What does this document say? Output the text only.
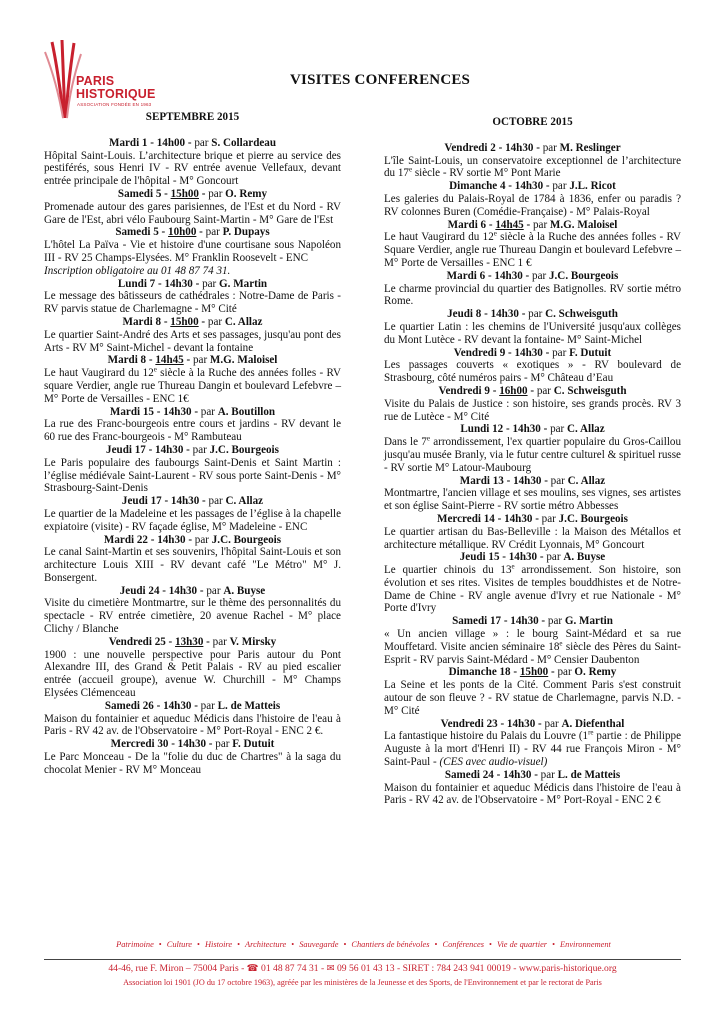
PARIS
HISTORIQUE
ASSOCIATION FONDÉE EN 1963
VISITES CONFERENCES
SEPTEMBRE 2015
Mardi 1 - 14h00 - par S. Collardeau
Hôpital Saint-Louis. L’architecture brique et pierre au service des pestiférés, sous Henri IV - RV entrée avenue Vellefaux, devant entrée principale de l'hôpital - M° Goncourt
Samedi 5 - 15h00 - par O. Remy
Promenade autour des gares parisiennes, de l'Est et du Nord - RV Gare de l'Est, abri vélo Faubourg Saint-Martin - M° Gare de l'Est
Samedi 5 - 10h00 - par P. Dupays
L'hôtel La Païva - Vie et histoire d'une courtisane sous Napoléon III - RV 25 Champs-Elysées. M° Franklin Roosevelt - ENC
Inscription obligatoire au 01 48 87 74 31.
Lundi 7 - 14h30 - par G. Martin
Le message des bâtisseurs de cathédrales : Notre-Dame de Paris - RV parvis statue de Charlemagne - M° Cité
Mardi 8 - 15h00 - par C. Allaz
Le quartier Saint-André des Arts et ses passages, jusqu'au pont des Arts - RV M° Saint-Michel - devant la fontaine
Mardi 8 - 14h45 - par M.G. Maloisel
Le haut Vaugirard du 12e siècle à la Ruche des années folles - RV square Verdier, angle rue Thureau Dangin et boulevard Lefebvre – M° Porte de Versailles - ENC 1€
Mardi 15 - 14h30 - par A. Boutillon
La rue des Franc-bourgeois entre cours et jardins - RV devant le 60 rue des Franc-bourgeois - M° Rambuteau
Jeudi 17 - 14h30 - par J.C. Bourgeois
Le Paris populaire des faubourgs Saint-Denis et Saint Martin : l’église médiévale Saint-Laurent - RV sous porte Saint-Denis - M° Strasbourg-Saint-Denis
Jeudi 17 - 14h30 - par C. Allaz
Le quartier de la Madeleine et les passages de l’église à la chapelle expiatoire (visite) - RV façade église, M° Madeleine - ENC
Mardi 22 - 14h30 - par J.C. Bourgeois
Le canal Saint-Martin et ses souvenirs, l'hôpital Saint-Louis et son architecture Louis XIII - RV devant café "Le Métro" M° J. Bonsergent.
Jeudi 24 - 14h30 - par A. Buyse
Visite du cimetière Montmartre, sur le thème des personnalités du spectacle - RV entrée cimetière, 20 avenue Rachel - M° place Clichy / Blanche
Vendredi 25 - 13h30 - par V. Mirsky
1900 : une nouvelle perspective pour Paris autour du Pont Alexandre III, des Grand & Petit Palais - RV au pied escalier entrée (accueil groupe), avenue W. Churchill - M° Champs Elysées Clémenceau
Samedi 26 - 14h30 - par L. de Matteis
Maison du fontainier et aqueduc Médicis dans l'histoire de l'eau à Paris - RV 42 av. de l'Observatoire - M° Port-Royal - ENC 2 €.
Mercredi 30 - 14h30 - par F. Dutuit
Le Parc Monceau - De la "folie du duc de Chartres" à la saga du chocolat Menier - RV M° Monceau
OCTOBRE 2015
Vendredi 2 - 14h30 - par M. Reslinger
L'île Saint-Louis, un conservatoire exceptionnel de l’architecture du 17e siècle - RV sortie M° Pont Marie
Dimanche 4 - 14h30 - par J.L. Ricot
Les galeries du Palais-Royal de 1784 à 1836, enfer ou paradis ? RV colonnes Buren (Comédie-Française) - M° Palais-Royal
Mardi 6 - 14h45 - par M.G. Maloisel
Le haut Vaugirard du 12e siècle à la Ruche des années folles - RV Square Verdier, angle rue Thureau Dangin et boulevard Lefebvre – M° Porte de Versailles - ENC 1 €
Mardi 6 - 14h30 - par J.C. Bourgeois
Le charme provincial du quartier des Batignolles. RV sortie métro Rome.
Jeudi 8 - 14h30 - par C. Schweisguth
Le quartier Latin : les chemins de l'Université jusqu'aux collèges du Mont Lutèce - RV devant la fontaine- M° Saint-Michel
Vendredi 9 - 14h30 - par F. Dutuit
Les passages couverts « exotiques » - RV boulevard de Strasbourg, côté numéros pairs - M° Château d’Eau
Vendredi 9 - 16h00 - par C. Schweisguth
Visite du Palais de Justice : son histoire, ses grands procès. RV 3 rue de Lutèce - M° Cité
Lundi 12 - 14h30 - par C. Allaz
Dans le 7e arrondissement, l'ex quartier populaire du Gros-Caillou jusqu'au musée Branly, via le futur centre culturel & spirituel russe - RV sortie M° Latour-Maubourg
Mardi 13 - 14h30 - par C. Allaz
Montmartre, l'ancien village et ses moulins, ses vignes, ses artistes et son église Saint-Pierre - RV sortie métro Abbesses
Mercredi 14 - 14h30 - par J.C. Bourgeois
Le quartier artisan du Bas-Belleville : la Maison des Métallos et architecture métallique. RV Crédit Lyonnais, M° Goncourt
Jeudi 15 - 14h30 - par A. Buyse
Le quartier chinois du 13e arrondissement. Son histoire, son évolution et ses rites. Visites de temples bouddhistes et de Notre-Dame de Chine - RV angle avenue d'Ivry et rue Nationale - M° Porte d'Ivry
Samedi 17 - 14h30 - par G. Martin
« Un ancien village » : le bourg Saint-Médard et sa rue Mouffetard. Visite ancien séminaire 18e siècle des Pères du Saint-Esprit - RV parvis Saint-Médard - M° Censier Daubenton
Dimanche 18 - 15h00 - par O. Remy
La Seine et les ponts de la Cité. Comment Paris s'est construit autour de son fleuve ? - RV statue de Charlemagne, parvis N.D. - M° Cité
Vendredi 23 - 14h30 - par A. Diefenthal
La fantastique histoire du Palais du Louvre (1re partie : de Philippe Auguste à la mort d'Henri II) - RV 44 rue François Miron - M° Saint-Paul - (CES avec audio-visuel)
Samedi 24 - 14h30 - par L. de Matteis
Maison du fontainier et aqueduc Médicis dans l'histoire de l'eau à Paris - RV 42 av. de l'Observatoire - M° Port-Royal - ENC 2 €
Patrimoine • Culture • Histoire • Architecture • Sauvegarde • Chantiers de bénévoles • Conférences • Vie de quartier • Environnement
44-46, rue F. Miron – 75004 Paris - ☎ 01 48 87 74 31 - ✉ 09 56 01 43 13 - SIRET : 784 243 941 00019 - www.paris-historique.org
Association loi 1901 (JO du 17 octobre 1963), agréée par les ministères de la Jeunesse et des Sports, de l'Environnement et par le rectorat de Paris
